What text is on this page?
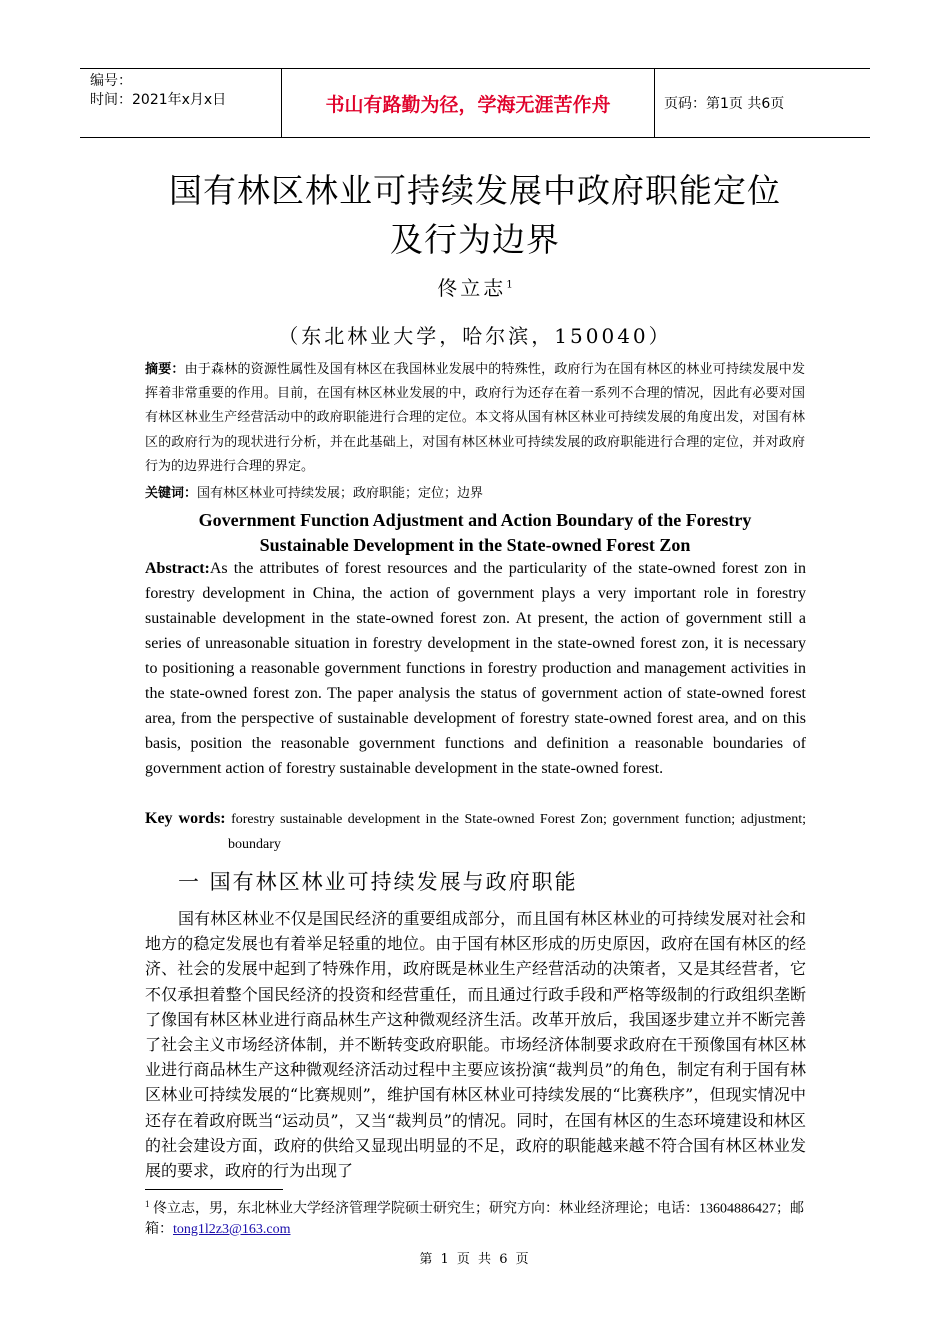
编号：
时间：2021年x月x日	书山有路勤为径，学海无涯苦作舟	页码：第1页 共6页
国有林区林业可持续发展中政府职能定位
及行为边界
佟立志$^1$
（东北林业大学，哈尔滨，150040）
摘要：由于森林的资源性属性及国有林区在我国林业发展中的特殊性，政府行为在国有林区的林业可持续发展中发挥着非常重要的作用。目前，在国有林区林业发展的中，政府行为还存在着一系列不合理的情况，因此有必要对国有林区林业生产经营活动中的政府职能进行合理的定位。本文将从国有林区林业可持续发展的角度出发，对国有林区的政府行为的现状进行分析，并在此基础上，对国有林区林业可持续发展的政府职能进行合理的定位，并对政府行为的边界进行合理的界定。
关键词：国有林区林业可持续发展；政府职能；定位；边界
Government Function Adjustment and Action Boundary of the Forestry
Sustainable Development in the State-owned Forest Zon
Abstract:As the attributes of forest resources and the particularity of the state-owned forest zon in forestry development in China, the action of government plays a very important role in forestry sustainable development in the state-owned forest zon. At present, the action of government still a series of unreasonable situation in forestry development in the state-owned forest zon, it is necessary to positioning a reasonable government functions in forestry production and management activities in the state-owned forest zon. The paper analysis the status of government action of state-owned forest area, from the perspective of sustainable development of forestry state-owned forest area, and on this basis, position the reasonable government functions and definition a reasonable boundaries of government action of forestry sustainable development in the state-owned forest.
Key words: forestry sustainable development in the State-owned Forest Zon; government function; adjustment; boundary
一 国有林区林业可持续发展与政府职能
国有林区林业不仅是国民经济的重要组成部分，而且国有林区林业的可持续发展对社会和地方的稳定发展也有着举足轻重的地位。由于国有林区形成的历史原因，政府在国有林区的经济、社会的发展中起到了特殊作用，政府既是林业生产经营活动的决策者，又是其经营者，它不仅承担着整个国民经济的投资和经营重任，而且通过行政手段和严格等级制的行政组织垄断了像国有林区林业进行商品林生产这种微观经济生活。改革开放后，我国逐步建立并不断完善了社会主义市场经济体制，并不断转变政府职能。市场经济体制要求政府在干预像国有林区林业进行商品林生产这种微观经济活动过程中主要应该扮演“裁判员”的角色，制定有利于国有林区林业可持续发展的“比赛规则”，维护国有林区林业可持续发展的“比赛秩序”，但现实情况中还存在着政府既当“运动员”，又当“裁判员”的情况。同时，在国有林区的生态环境建设和林区的社会建设方面，政府的供给又显现出明显的不足，政府的职能越来越不符合国有林区林业发展的要求，政府的行为出现了
$^1$ 佟立志，男，东北林业大学经济管理学院硕士研究生；研究方向：林业经济理论；电话：13604886427；邮箱：tong1l2z3@163.com
第 1 页 共 6 页
